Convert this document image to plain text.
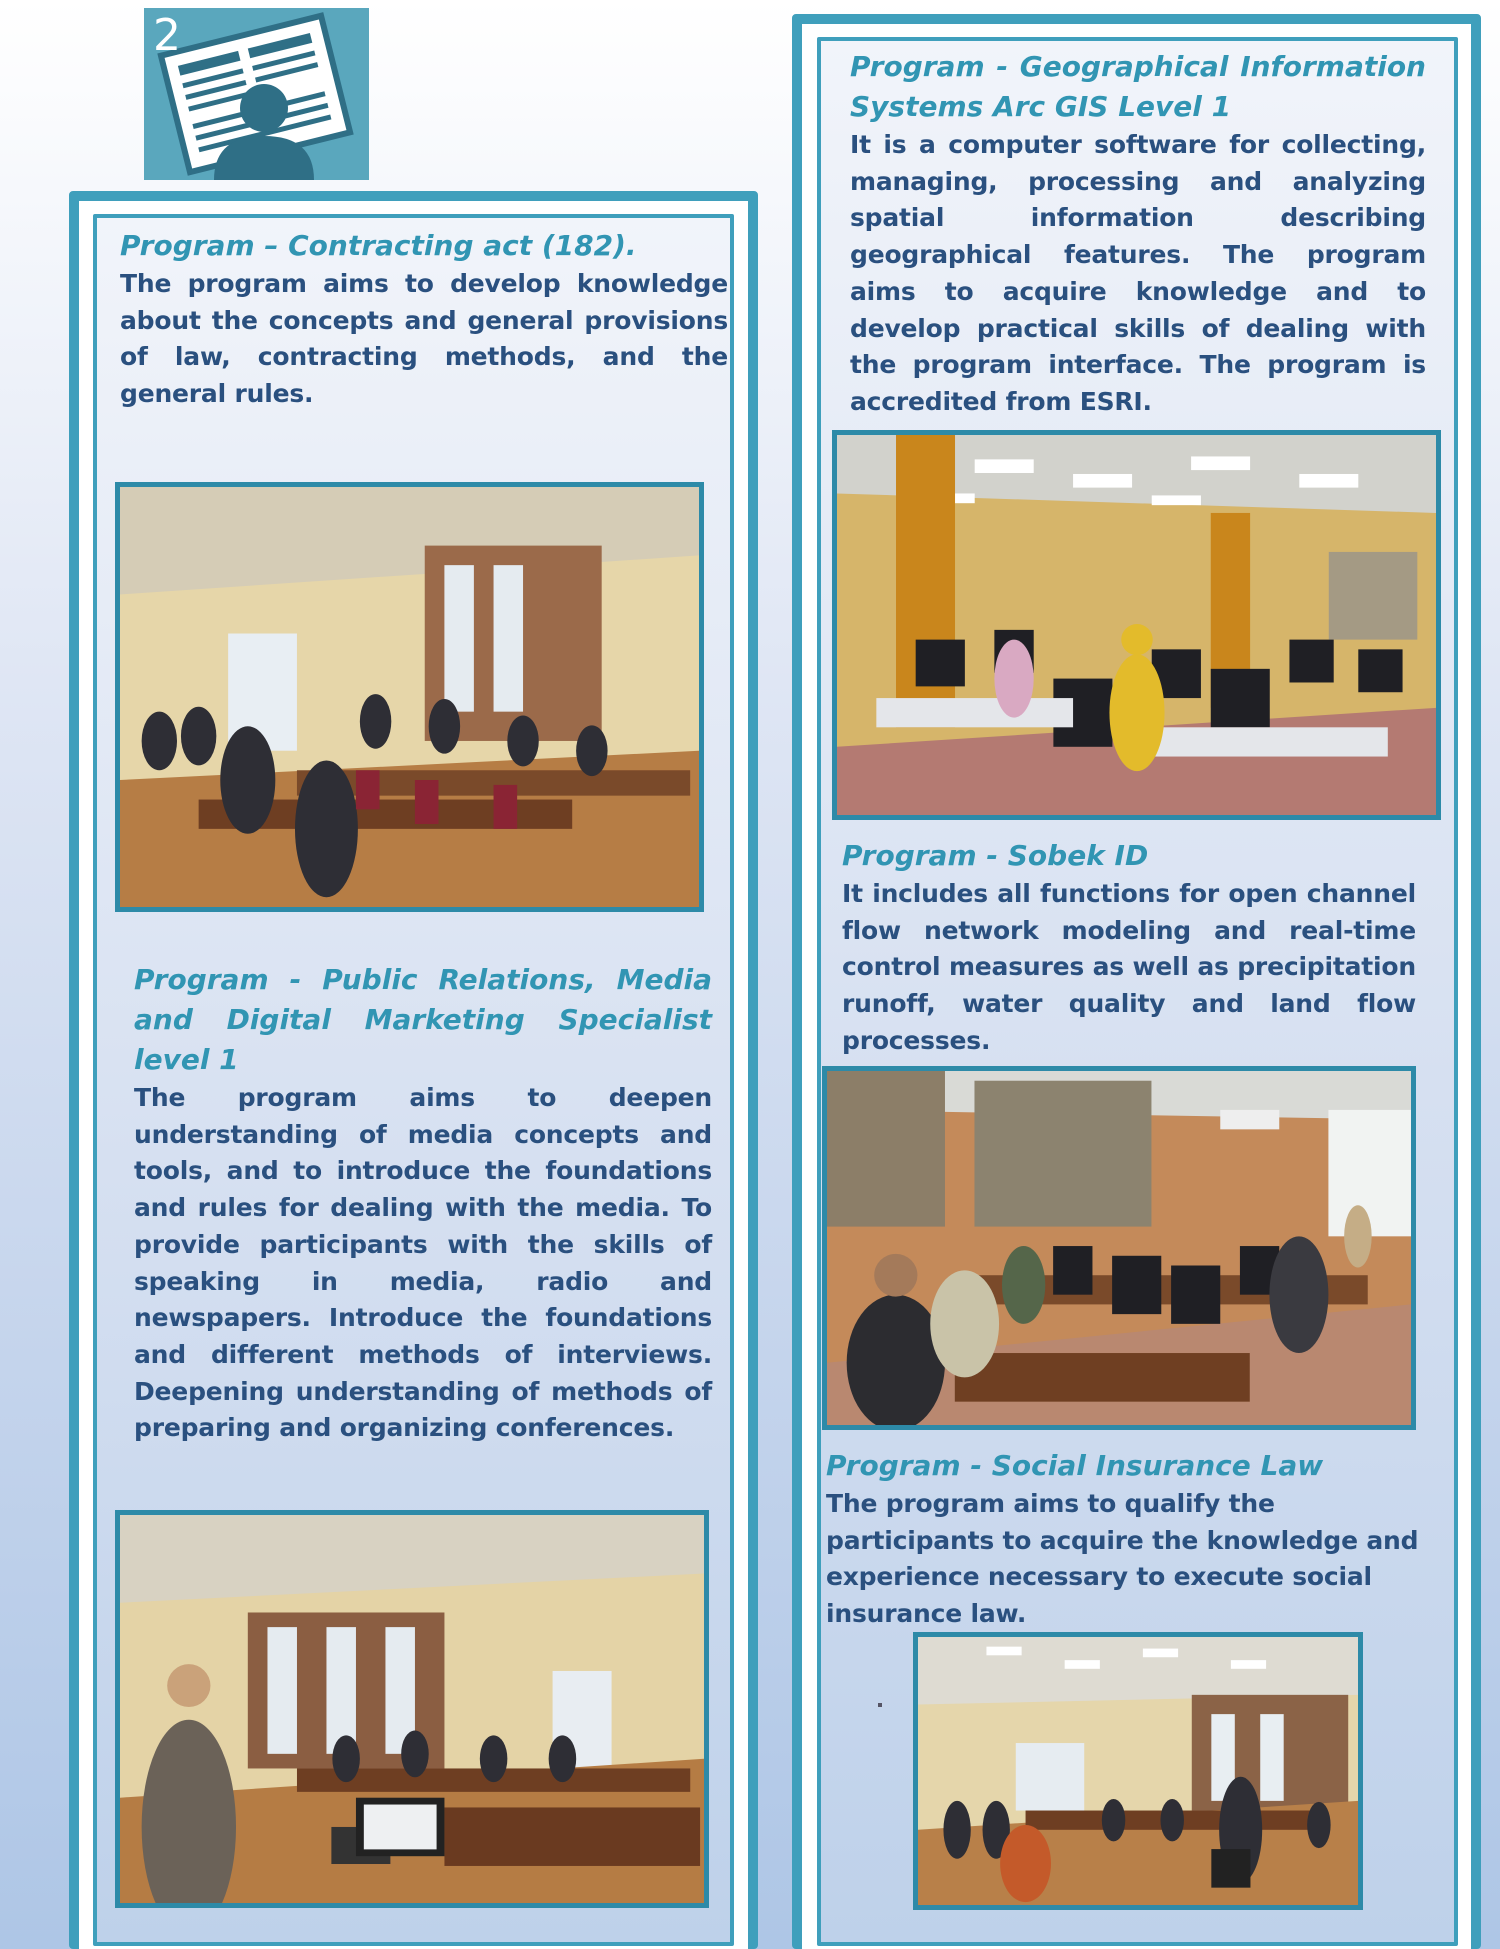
2
Program – Contracting act (182).

The program aims to develop knowledge about the concepts and general provisions of law, contracting methods, and the general rules.

Program - Public Relations, Media and Digital Marketing Specialist level 1

The program aims to deepen understanding of media concepts and tools, and to introduce the foundations and rules for dealing with the media. To provide participants with the skills of speaking in media, radio and newspapers. Introduce the foundations and different methods of interviews. Deepening understanding of methods of preparing and organizing conferences.

Program - Geographical Information Systems Arc GIS Level 1

It is a computer software for collecting, managing, processing and analyzing spatial information describing geographical features. The program aims to acquire knowledge and to develop practical skills of dealing with the program interface. The program is accredited from ESRI.

Program - Sobek ID

It includes all functions for open channel flow network modeling and real-time control measures as well as precipitation runoff, water quality and land flow processes.

Program - Social Insurance Law

The program aims to qualify the participants to acquire the knowledge and experience necessary to execute social insurance law.
